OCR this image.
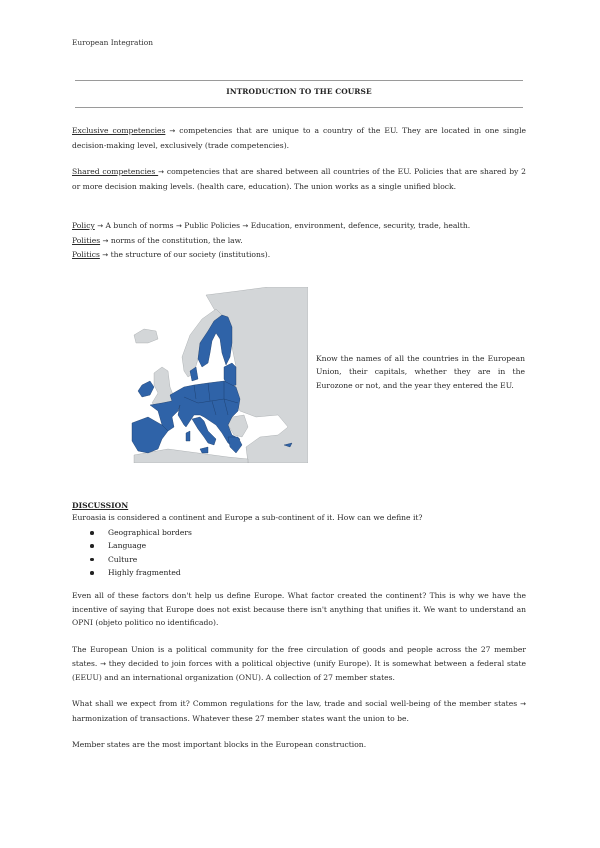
European Integration
INTRODUCTION TO THE COURSE
Exclusive competencies → competencies that are unique to a country of the EU. They are located in one single decision-making level, exclusively (trade competencies).
Shared competencies → competencies that are shared between all countries of the EU. Policies that are shared by 2 or more decision making levels. (health care, education). The union works as a single unified block.
Policy → A bunch of norms → Public Policies → Education, environment, defence, security, trade, health.
Polities → norms of the constitution, the law.
Politics → the structure of our society (institutions).
Know the names of all the countries in the European Union, their capitals, whether they are in the Eurozone or not, and the year they entered the EU.
DISCUSSION
Euroasia is considered a continent and Europe a sub-continent of it. How can we define it?
Geographical borders
Language
Culture
Highly fragmented
Even all of these factors don't help us define Europe. What factor created the continent? This is why we have the incentive of saying that Europe does not exist because there isn't anything that unifies it. We want to understand an OPNI (objeto politico no identificado).
The European Union is a political community for the free circulation of goods and people across the 27 member states. → they decided to join forces with a political objective (unify Europe). It is somewhat between a federal state (EEUU) and an international organization (ONU). A collection of 27 member states.
What shall we expect from it? Common regulations for the law, trade and social well-being of the member states → harmonization of transactions. Whatever these 27 member states want the union to be.
Member states are the most important blocks in the European construction.
